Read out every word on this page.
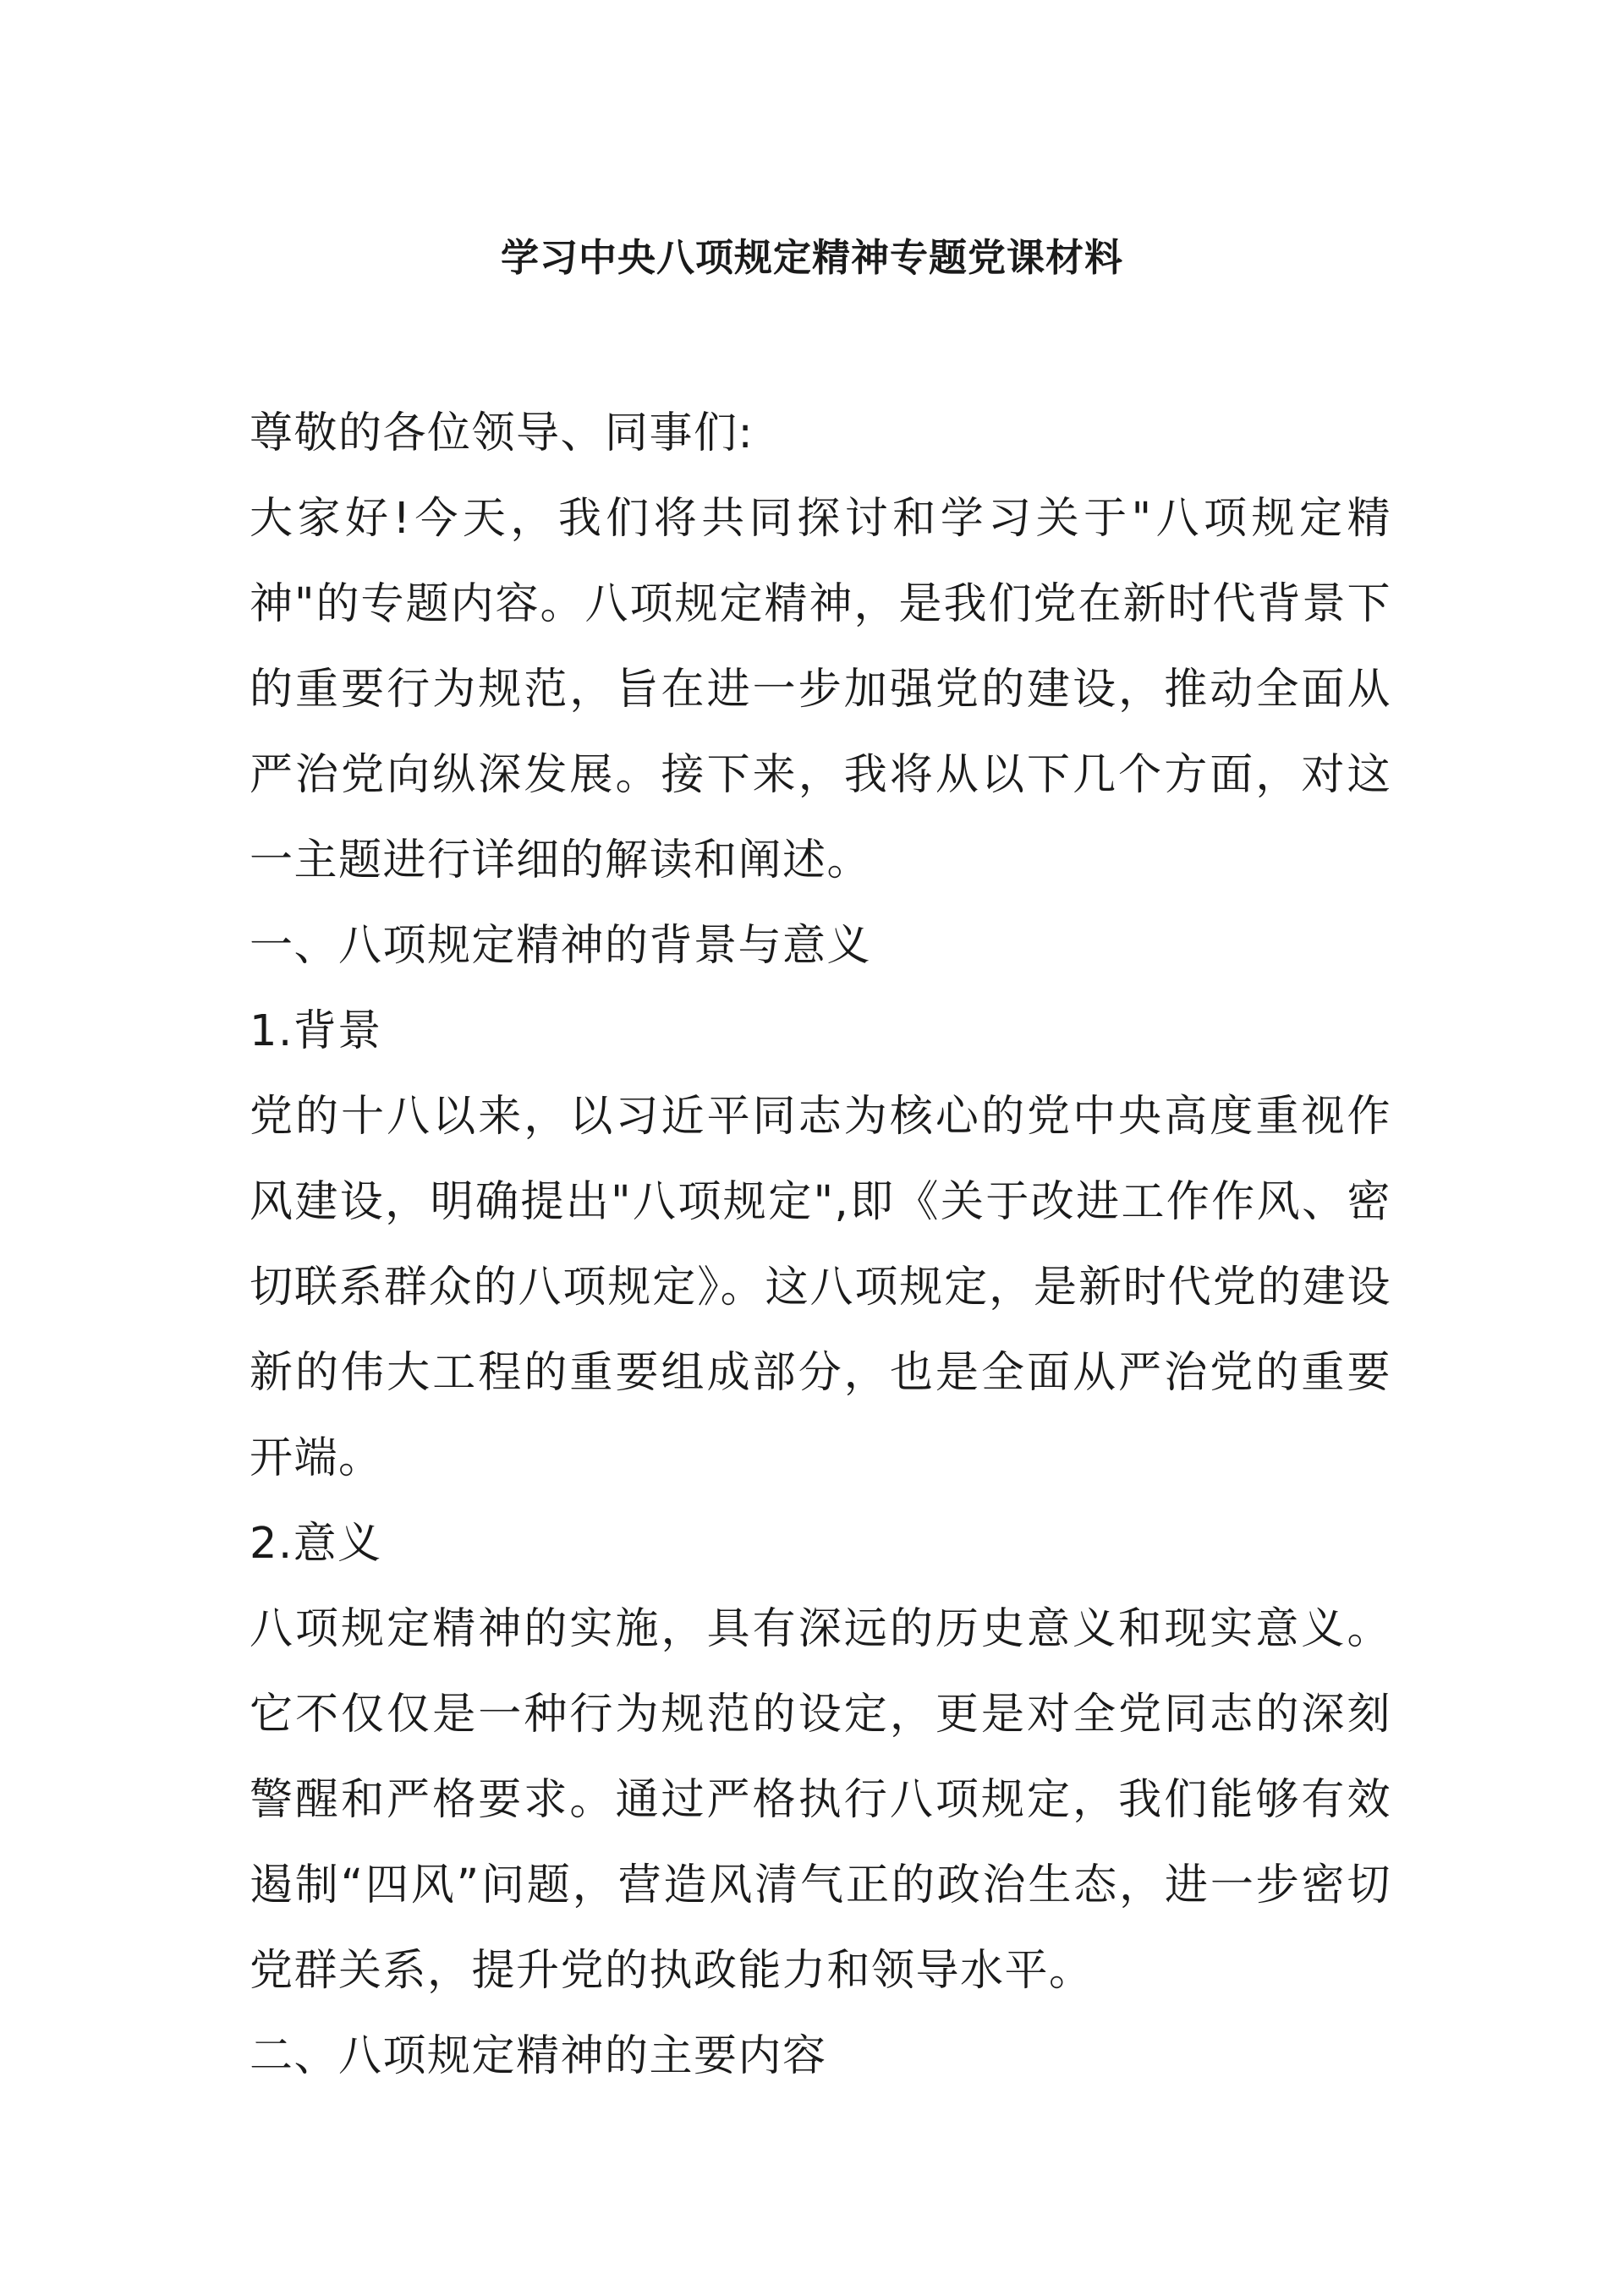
学习中央八项规定精神专题党课材料

尊敬的各位领导、同事们:

大家好!今天，我们将共同探讨和学习关于"八项规定精神"的专题内容。八项规定精神，是我们党在新时代背景下的重要行为规范，旨在进一步加强党的建设，推动全面从严治党向纵深发展。接下来，我将从以下几个方面，对这一主题进行详细的解读和阐述。

一、八项规定精神的背景与意义

1.背景

党的十八以来，以习近平同志为核心的党中央高度重视作风建设，明确提出"八项规定",即《关于改进工作作风、密切联系群众的八项规定》。这八项规定，是新时代党的建设新的伟大工程的重要组成部分，也是全面从严治党的重要开端。

2.意义

八项规定精神的实施，具有深远的历史意义和现实意义。它不仅仅是一种行为规范的设定，更是对全党同志的深刻警醒和严格要求。通过严格执行八项规定，我们能够有效遏制“四风”问题，营造风清气正的政治生态，进一步密切党群关系，提升党的执政能力和领导水平。

二、八项规定精神的主要内容
